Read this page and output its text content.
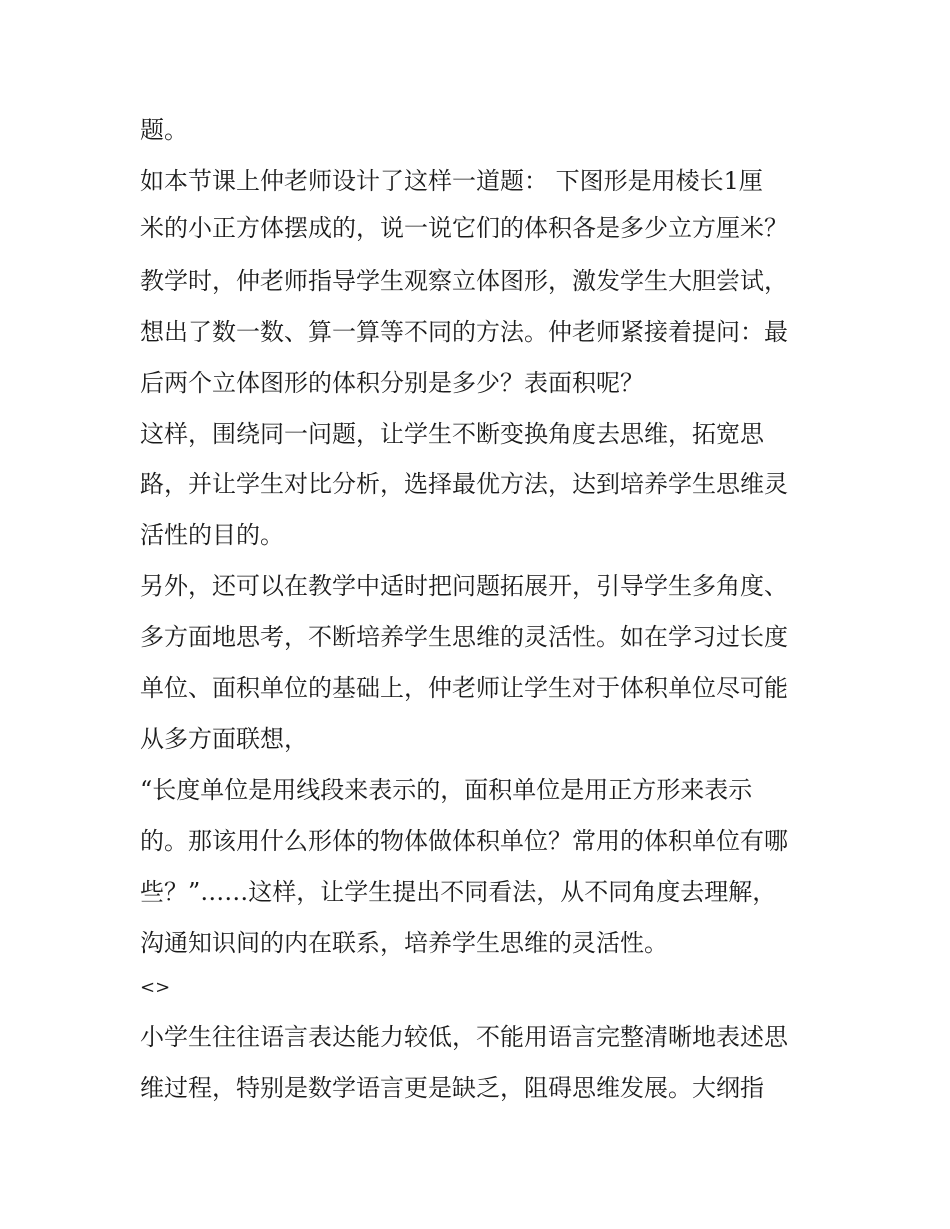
题。

如本节课上仲老师设计了这样一道题： 下图形是用棱长1厘

米的小正方体摆成的，说一说它们的体积各是多少立方厘米？

教学时，仲老师指导学生观察立体图形，激发学生大胆尝试，

想出了数一数、算一算等不同的方法。仲老师紧接着提问：最

后两个立体图形的体积分别是多少？表面积呢？

这样，围绕同一问题，让学生不断变换角度去思维，拓宽思

路，并让学生对比分析，选择最优方法，达到培养学生思维灵

活性的目的。

另外，还可以在教学中适时把问题拓展开，引导学生多角度、

多方面地思考，不断培养学生思维的灵活性。如在学习过长度

单位、面积单位的基础上，仲老师让学生对于体积单位尽可能

从多方面联想，

“长度单位是用线段来表示的，面积单位是用正方形来表示

的。那该用什么形体的物体做体积单位？常用的体积单位有哪

些？”……这样，让学生提出不同看法，从不同角度去理解，

沟通知识间的内在联系，培养学生思维的灵活性。

<>

小学生往往语言表达能力较低，不能用语言完整清晰地表述思

维过程，特别是数学语言更是缺乏，阻碍思维发展。大纲指
